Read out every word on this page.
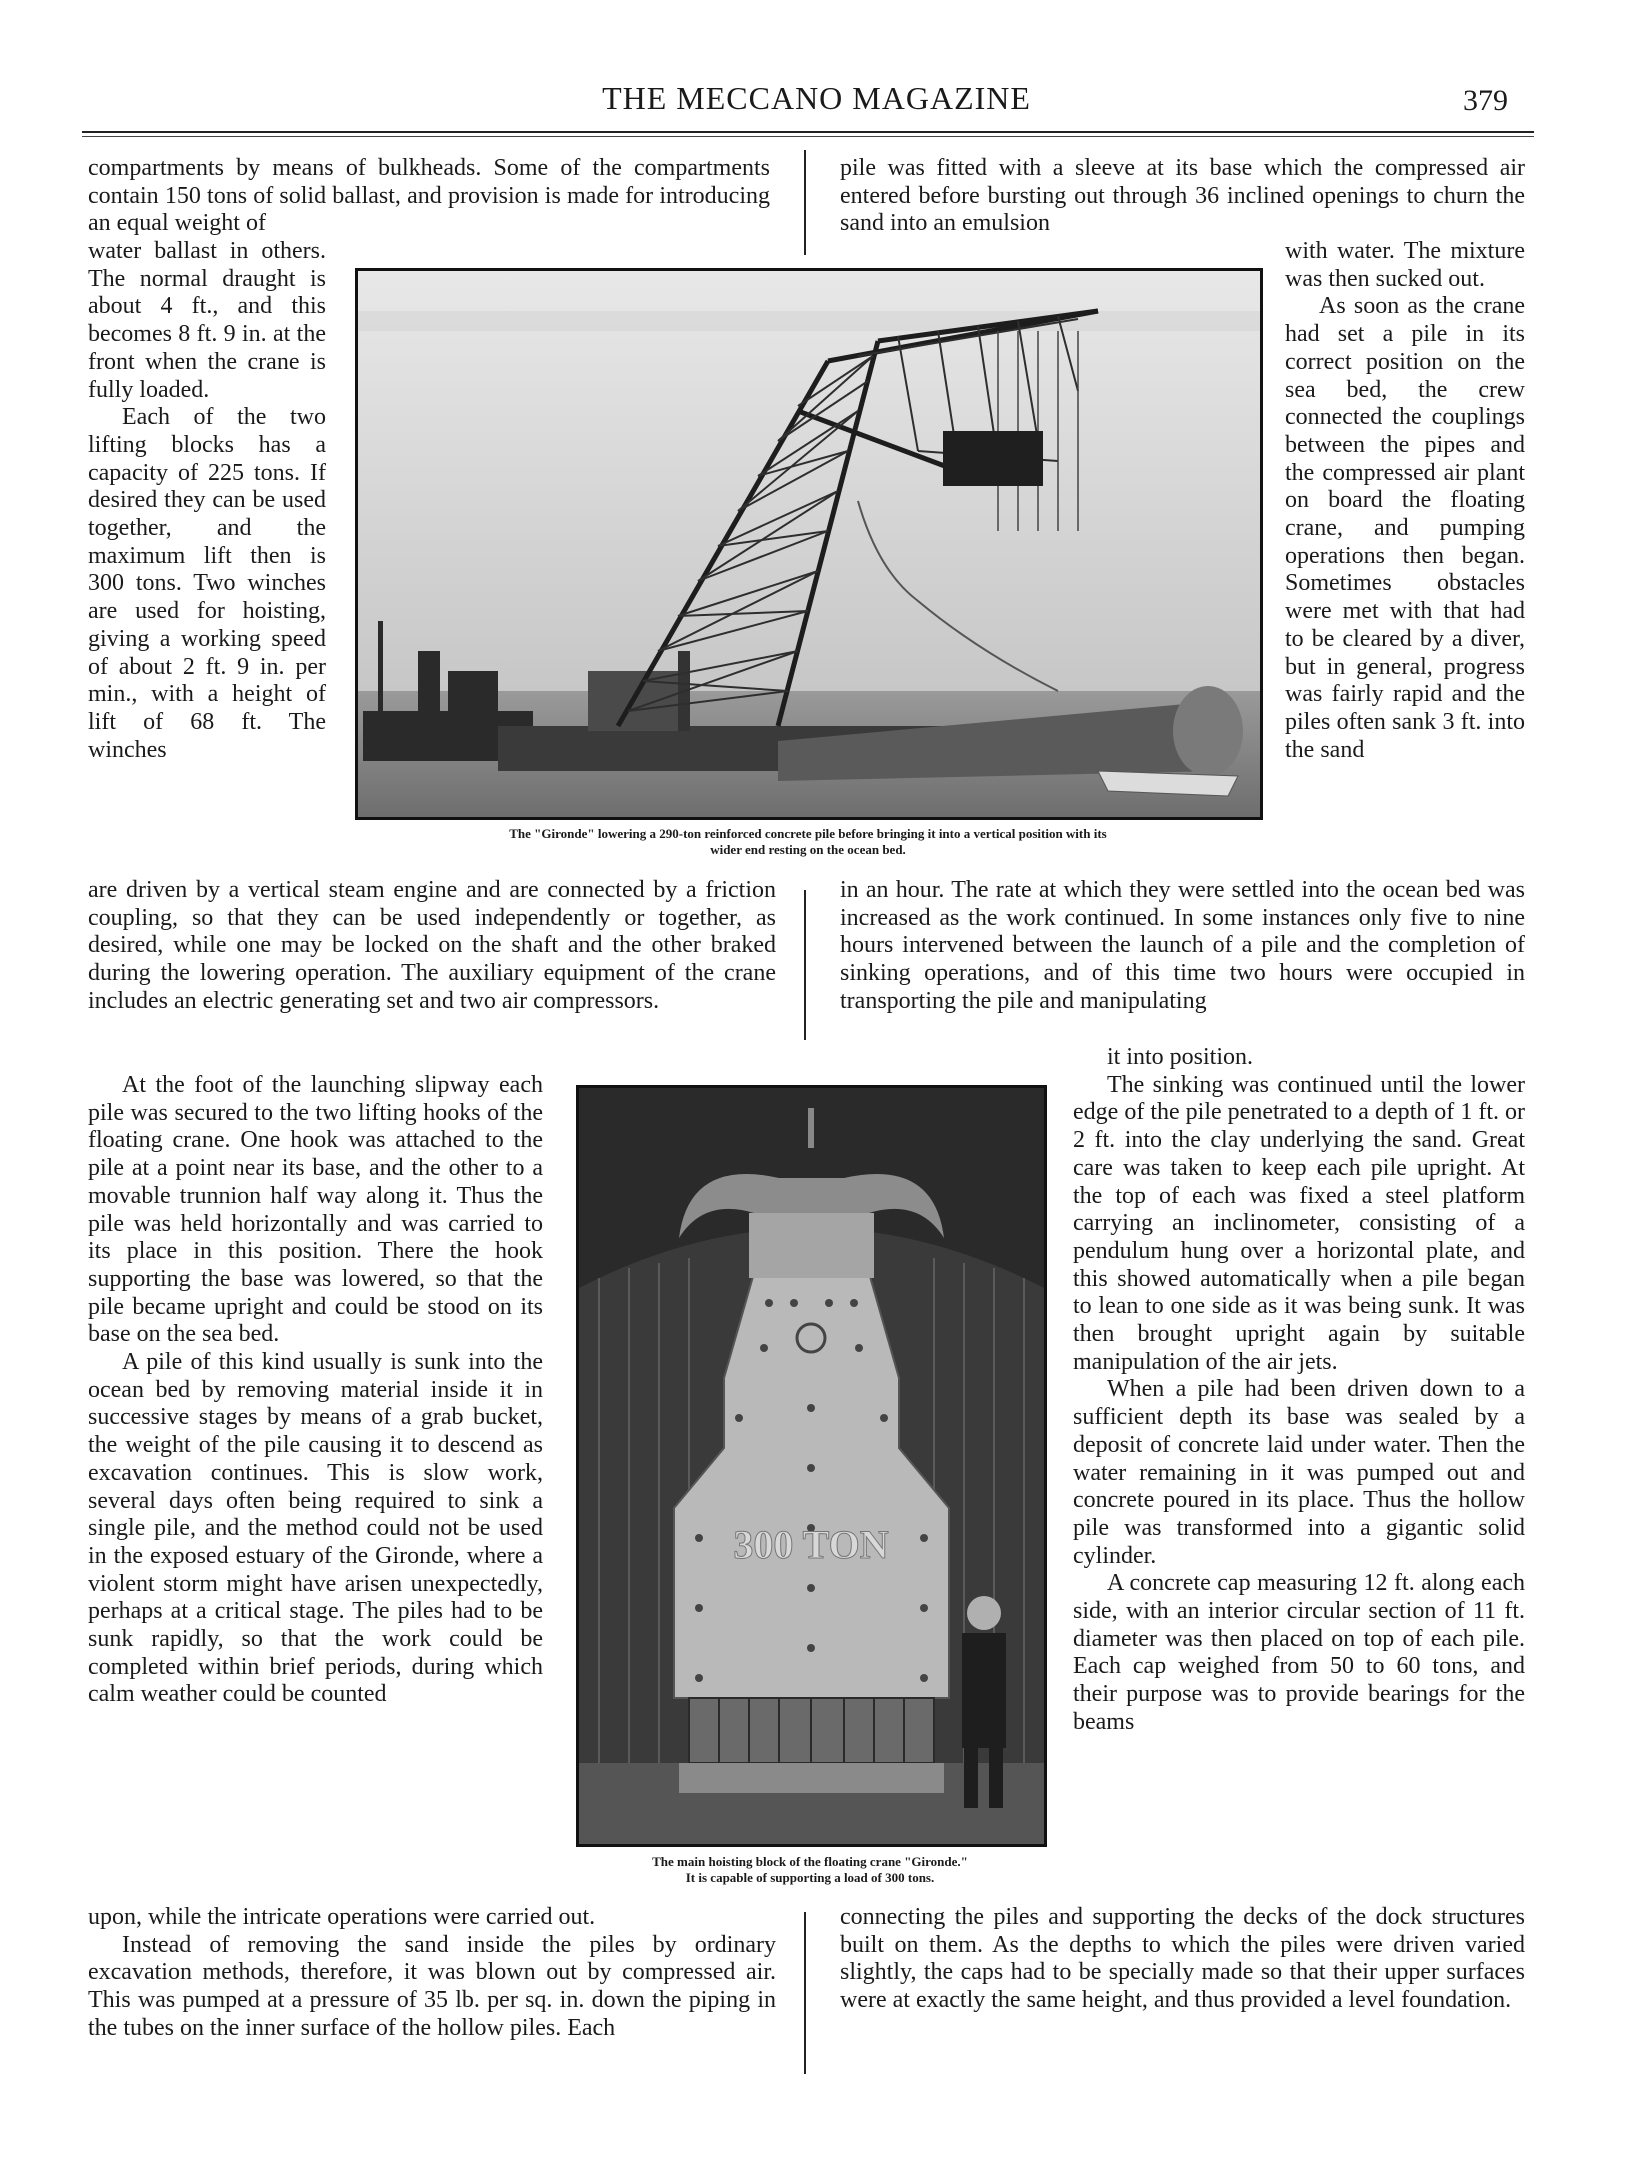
THE MECCANO MAGAZINE	379

compartments by means of bulkheads. Some of the compartments contain 150 tons of solid ballast, and provision is made for introducing an equal weight of

water ballast in others. The normal draught is about 4 ft., and this becomes 8 ft. 9 in. at the front when the crane is fully loaded.

Each of the two lifting blocks has a capacity of 225 tons. If desired they can be used together, and the maximum lift then is 300 tons. Two winches are used for hoisting, giving a working speed of about 2 ft. 9 in. per min., with a height of lift of 68 ft. The winches

are driven by a vertical steam engine and are connected by a friction coupling, so that they can be used independently or together, as desired, while one may be locked on the shaft and the other braked during the lowering operation. The auxiliary equipment of the crane includes an electric generating set and two air compressors.

At the foot of the launching slipway each pile was secured to the two lifting hooks of the floating crane. One hook was attached to the pile at a point near its base, and the other to a movable trunnion half way along it. Thus the pile was held horizontally and was carried to its place in this position. There the hook supporting the base was lowered, so that the pile became upright and could be stood on its base on the sea bed.

A pile of this kind usually is sunk into the ocean bed by removing material inside it in successive stages by means of a grab bucket, the weight of the pile causing it to descend as excavation continues. This is slow work, several days often being required to sink a single pile, and the method could not be used in the exposed estuary of the Gironde, where a violent storm might have arisen unexpectedly, perhaps at a critical stage. The piles had to be sunk rapidly, so that the work could be completed within brief periods, during which calm weather could be counted

upon, while the intricate operations were carried out.

Instead of removing the sand inside the piles by ordinary excavation methods, therefore, it was blown out by compressed air. This was pumped at a pressure of 35 lb. per sq. in. down the piping in the tubes on the inner surface of the hollow piles. Each

pile was fitted with a sleeve at its base which the compressed air entered before bursting out through 36 inclined openings to churn the sand into an emulsion

with water. The mixture was then sucked out.

As soon as the crane had set a pile in its correct position on the sea bed, the crew connected the couplings between the pipes and the compressed air plant on board the floating crane, and pumping operations then began. Sometimes obstacles were met with that had to be cleared by a diver, but in general, progress was fairly rapid and the piles often sank 3 ft. into the sand

in an hour. The rate at which they were settled into the ocean bed was increased as the work continued. In some instances only five to nine hours intervened between the launch of a pile and the completion of sinking operations, and of this time two hours were occupied in transporting the pile and manipulating

it into position.

The sinking was continued until the lower edge of the pile penetrated to a depth of 1 ft. or 2 ft. into the clay underlying the sand. Great care was taken to keep each pile upright. At the top of each was fixed a steel platform carrying an inclinometer, consisting of a pendulum hung over a horizontal plate, and this showed automatically when a pile began to lean to one side as it was being sunk. It was then brought upright again by suitable manipulation of the air jets.

When a pile had been driven down to a sufficient depth its base was sealed by a deposit of concrete laid under water. Then the water remaining in it was pumped out and concrete poured in its place. Thus the hollow pile was transformed into a gigantic solid cylinder.

A concrete cap measuring 12 ft. along each side, with an interior circular section of 11 ft. diameter was then placed on top of each pile. Each cap weighed from 50 to 60 tons, and their purpose was to provide bearings for the beams

connecting the piles and supporting the decks of the dock structures built on them. As the depths to which the piles were driven varied slightly, the caps had to be specially made so that their upper surfaces were at exactly the same height, and thus provided a level foundation.

The "Gironde" lowering a 290-ton reinforced concrete pile before bringing it into a vertical position with its
wider end resting on the ocean bed.
300 TON
The main hoisting block of the floating crane "Gironde."
It is capable of supporting a load of 300 tons.
